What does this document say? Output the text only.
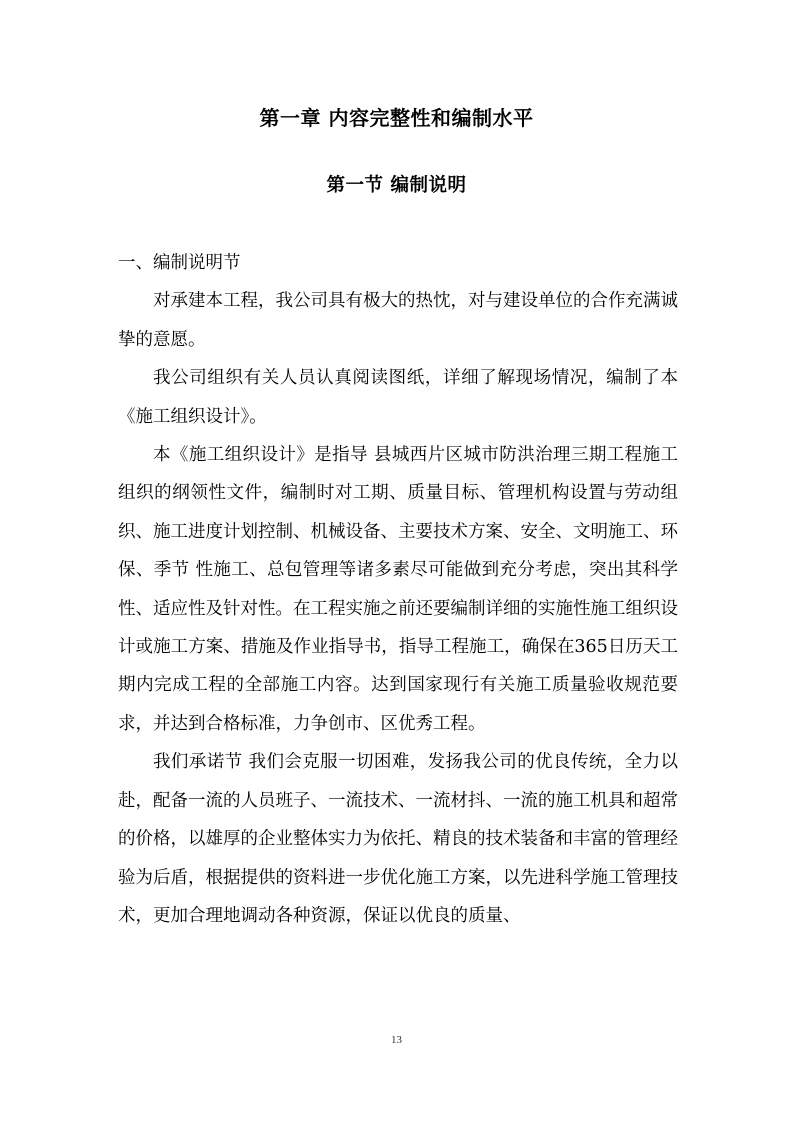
第一章 内容完整性和编制水平
第一节 编制说明

一、编制说明节

对承建本工程，我公司具有极大的热忱，对与建设单位的合作充满诚挚的意愿。

我公司组织有关人员认真阅读图纸，详细了解现场情况，编制了本《施工组织设计》。

本《施工组织设计》是指导 县城西片区城市防洪治理三期工程施工组织的纲领性文件，编制时对工期、质量目标、管理机构设置与劳动组织、施工进度计划控制、机械设备、主要技术方案、安全、文明施工、环保、季节 性施工、总包管理等诸多素尽可能做到充分考虑，突出其科学性、适应性及针对性。在工程实施之前还要编制详细的实施性施工组织设计或施工方案、措施及作业指导书，指导工程施工，确保在365日历天工期内完成工程的全部施工内容。达到国家现行有关施工质量验收规范要求，并达到合格标准，力争创市、区优秀工程。

我们承诺节 我们会克服一切困难，发扬我公司的优良传统，全力以赴，配备一流的人员班子、一流技术、一流材抖、一流的施工机具和超常的价格，以雄厚的企业整体实力为依托、精良的技术装备和丰富的管理经验为后盾，根据提供的资料进一步优化施工方案，以先进科学施工管理技术，更加合理地调动各种资源，保证以优良的质量、

13
